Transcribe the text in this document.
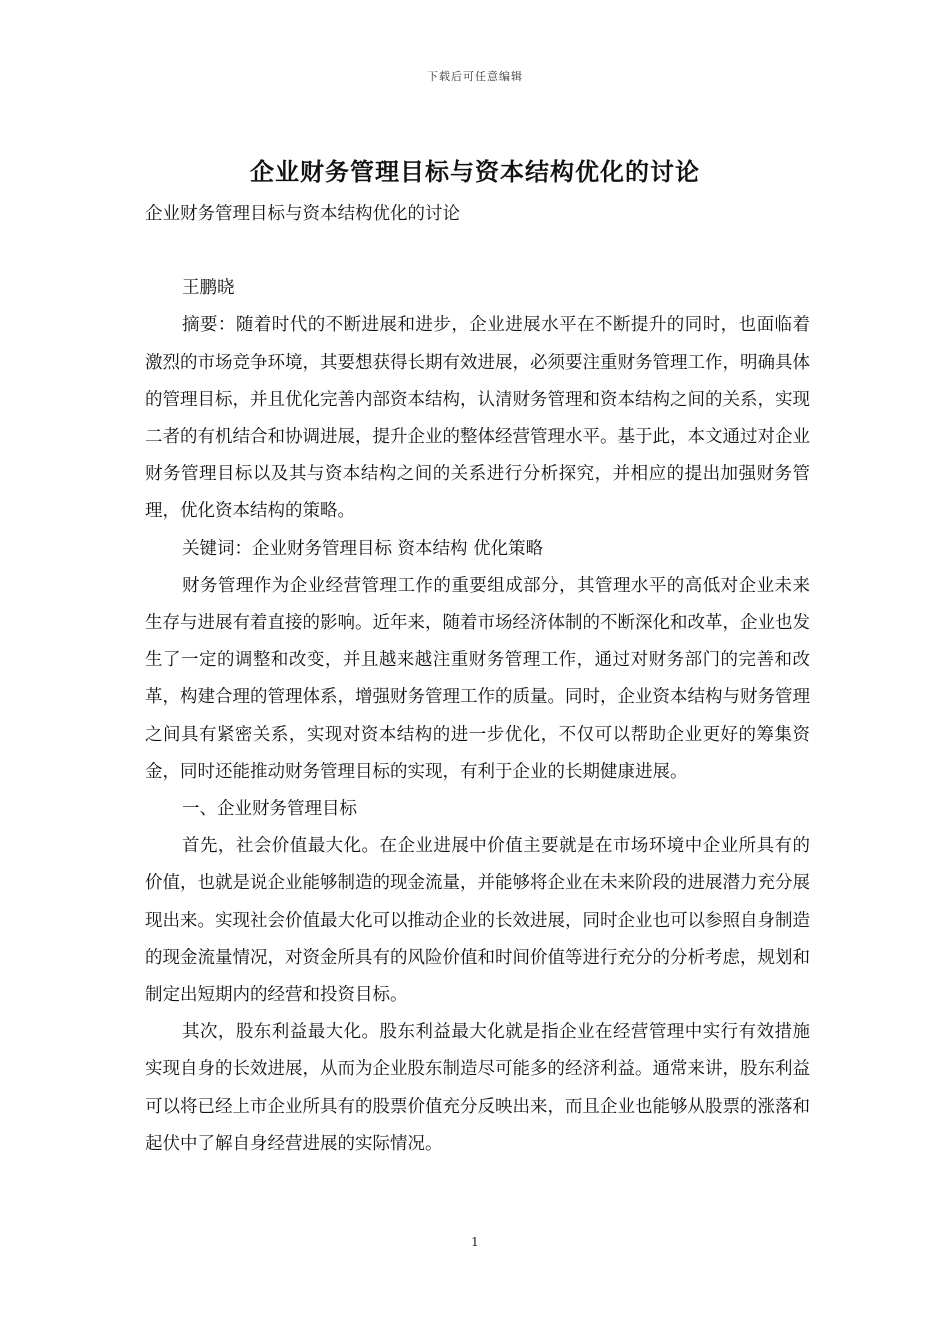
下载后可任意编辑
企业财务管理目标与资本结构优化的讨论

企业财务管理目标与资本结构优化的讨论

王鹏晓

摘要：随着时代的不断进展和进步，企业进展水平在不断提升的同时，也面临着激烈的市场竞争环境，其要想获得长期有效进展，必须要注重财务管理工作，明确具体的管理目标，并且优化完善内部资本结构，认清财务管理和资本结构之间的关系，实现二者的有机结合和协调进展，提升企业的整体经营管理水平。基于此，本文通过对企业财务管理目标以及其与资本结构之间的关系进行分析探究，并相应的提出加强财务管理，优化资本结构的策略。

关键词：企业财务管理目标 资本结构 优化策略

财务管理作为企业经营管理工作的重要组成部分，其管理水平的高低对企业未来生存与进展有着直接的影响。近年来，随着市场经济体制的不断深化和改革，企业也发生了一定的调整和改变，并且越来越注重财务管理工作，通过对财务部门的完善和改革，构建合理的管理体系，增强财务管理工作的质量。同时，企业资本结构与财务管理之间具有紧密关系，实现对资本结构的进一步优化，不仅可以帮助企业更好的筹集资金，同时还能推动财务管理目标的实现，有利于企业的长期健康进展。

一、企业财务管理目标

首先，社会价值最大化。在企业进展中价值主要就是在市场环境中企业所具有的价值，也就是说企业能够制造的现金流量，并能够将企业在未来阶段的进展潜力充分展现出来。实现社会价值最大化可以推动企业的长效进展，同时企业也可以参照自身制造的现金流量情况，对资金所具有的风险价值和时间价值等进行充分的分析考虑，规划和制定出短期内的经营和投资目标。

其次，股东利益最大化。股东利益最大化就是指企业在经营管理中实行有效措施实现自身的长效进展，从而为企业股东制造尽可能多的经济利益。通常来讲，股东利益可以将已经上市企业所具有的股票价值充分反映出来，而且企业也能够从股票的涨落和起伏中了解自身经营进展的实际情况。

1
